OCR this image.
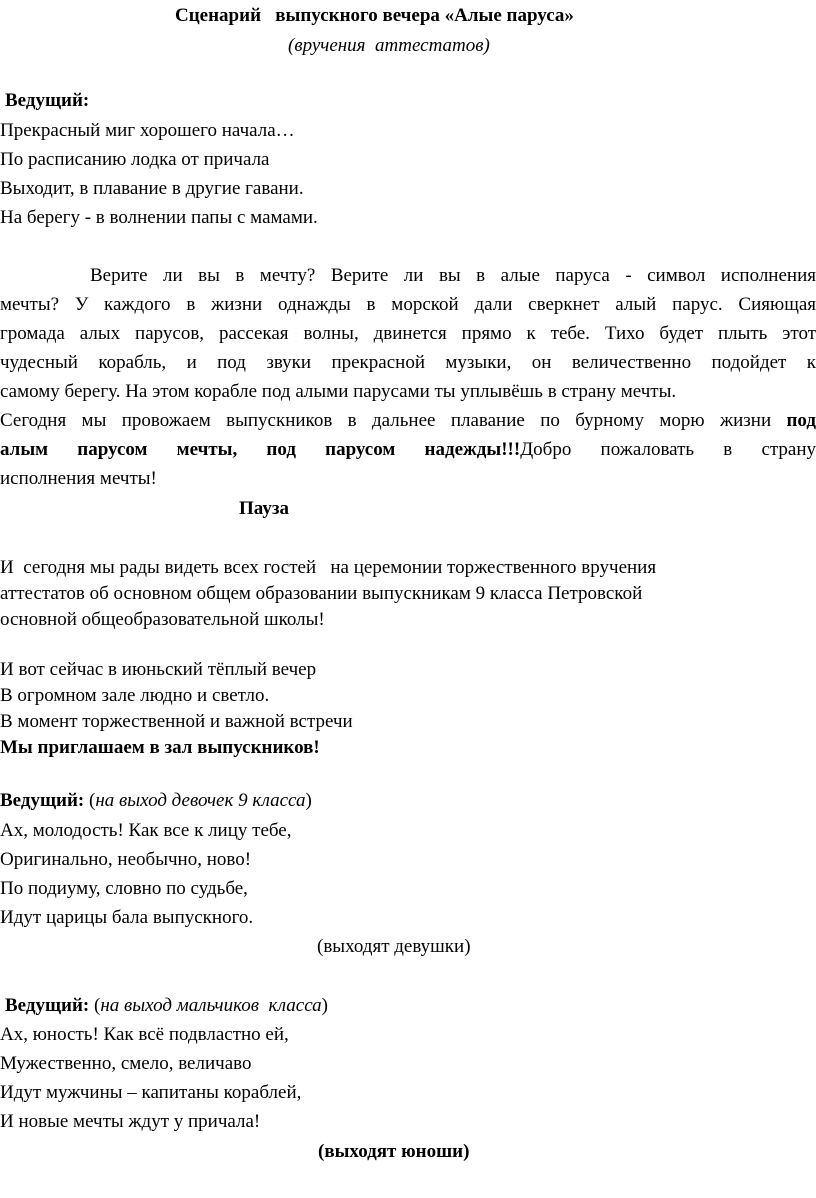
Сценарий   выпускного вечера «Алые паруса»
(вручения  аттестатов)
Ведущий:
Прекрасный миг хорошего начала…
По расписанию лодка от причала
Выходит, в плавание в другие гавани.
На берегу - в волнении папы с мамами.
Верите ли вы в мечту? Верите ли вы в алые паруса - символ исполнения
мечты? У каждого в жизни однажды в морской дали сверкнет алый парус. Сияющая
громада алых парусов, рассекая волны, двинется прямо к тебе. Тихо будет плыть этот
чудесный корабль, и под звуки прекрасной музыки, он величественно подойдет к
самому берегу. На этом корабле под алыми парусами ты уплывёшь в страну мечты.
Сегодня мы провожаем выпускников в дальнее плавание по бурному морю жизни под
алым парусом мечты, под парусом надежды!!!Добро пожаловать в страну
исполнения мечты!
Пауза
И  сегодня мы рады видеть всех гостей   на церемонии торжественного вручения
аттестатов об основном общем образовании выпускникам 9 класса Петровской
основной общеобразовательной школы!
И вот сейчас в июньский тёплый вечер
В огромном зале людно и светло.
В момент торжественной и важной встречи
Мы приглашаем в зал выпускников!
Ведущий: (на выход девочек 9 класса)
Ах, молодость! Как все к лицу тебе,
Оригинально, необычно, ново!
По подиуму, словно по судьбе,
Идут царицы бала выпускного.
(выходят девушки)
Ведущий: (на выход мальчиков  класса)
Ах, юность! Как всё подвластно ей,
Мужественно, смело, величаво
Идут мужчины – капитаны кораблей,
И новые мечты ждут у причала!
(выходят юноши)
